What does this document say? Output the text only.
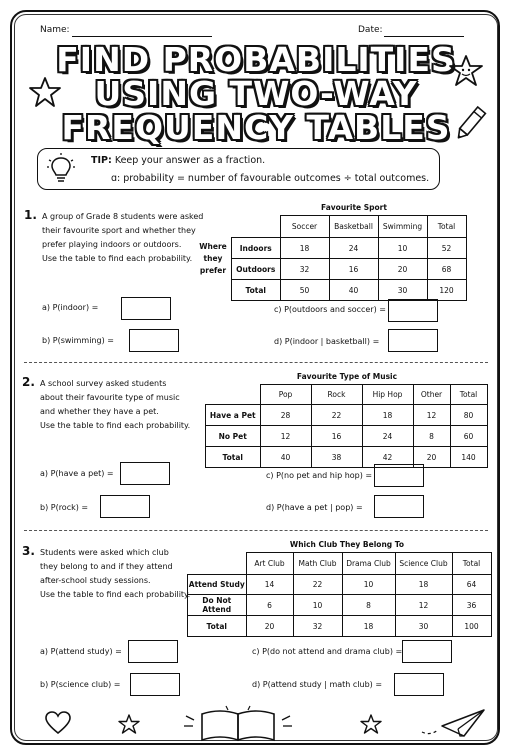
Name:	Date:
FIND PROBABILITIES
USING TWO-WAY
FREQUENCY TABLES
TIP: Keep your answer as a fraction.
ɑ: probability = number of favourable outcomes ÷ total outcomes.
1. A group of Grade 8 students were asked
their favourite sport and whether they
prefer playing indoors or outdoors.
Use the table to find each probability.
Favourite Sport
Where
they
prefer
	Soccer	Basketball	Swimming	Total
Indoors	18	24	10	52
Outdoors	32	16	20	68
Total	50	40	30	120
a) P(indoor) =	c) P(outdoors and soccer) =
b) P(swimming) =	d) P(indoor | basketball) =
2. A school survey asked students
about their favourite type of music
and whether they have a pet.
Use the table to find each probability.
Favourite Type of Music
	Pop	Rock	Hip Hop	Other	Total
Have a Pet	28	22	18	12	80
No Pet	12	16	24	8	60
Total	40	38	42	20	140
a) P(have a pet) =	c) P(no pet and hip hop) =
b) P(rock) =	d) P(have a pet | pop) =
3. Students were asked which club
they belong to and if they attend
after-school study sessions.
Use the table to find each probability.
Which Club They Belong To
	Art Club	Math Club	Drama Club	Science Club	Total
Attend Study	14	22	10	18	64
Do Not Attend	6	10	8	12	36
Total	20	32	18	30	100
a) P(attend study) =	c) P(do not attend and drama club) =
b) P(science club) =	d) P(attend study | math club) =
